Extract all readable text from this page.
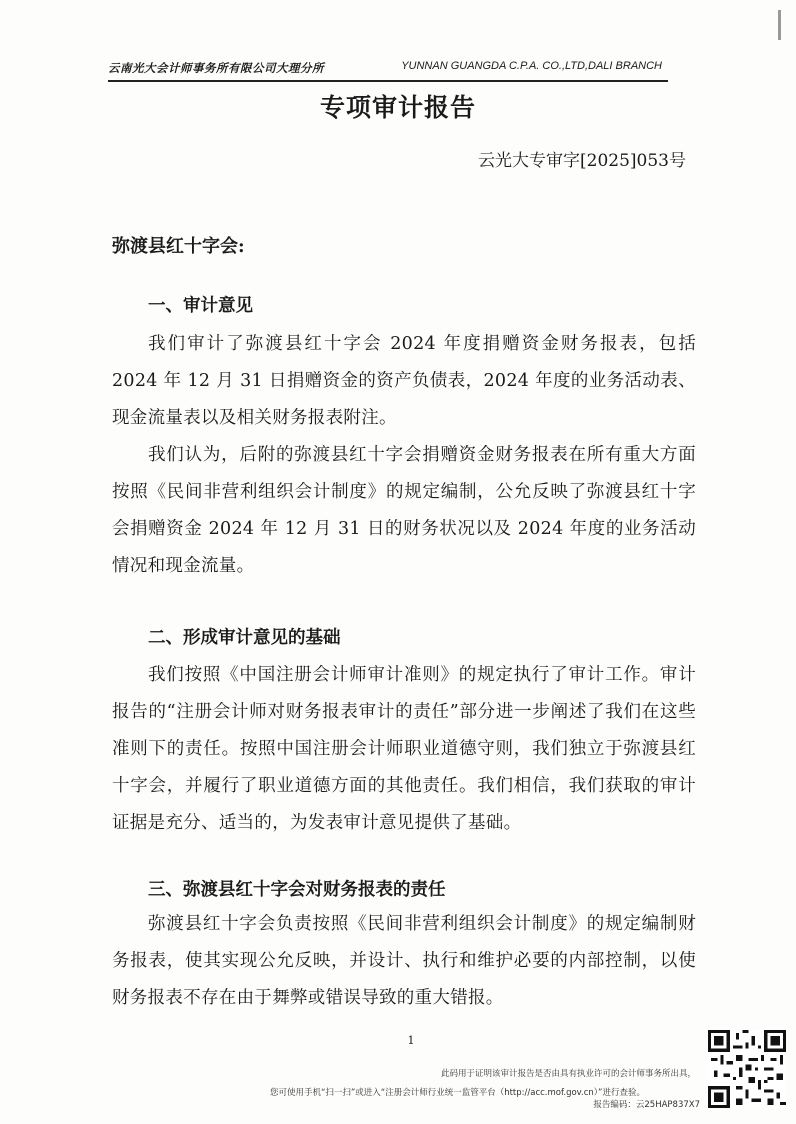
云南光大会计师事务所有限公司大理分所	YUNNAN GUANGDA C.P.A. CO.,LTD,DALI BRANCH
专项审计报告
云光大专审字[2025]053号
弥渡县红十字会:
一、审计意见
我们审计了弥渡县红十字会 2024 年度捐赠资金财务报表，包括 2024 年 12 月 31 日捐赠资金的资产负债表，2024 年度的业务活动表、现金流量表以及相关财务报表附注。
我们认为，后附的弥渡县红十字会捐赠资金财务报表在所有重大方面按照《民间非营利组织会计制度》的规定编制，公允反映了弥渡县红十字会捐赠资金 2024 年 12 月 31 日的财务状况以及 2024 年度的业务活动情况和现金流量。
二、形成审计意见的基础
我们按照《中国注册会计师审计准则》的规定执行了审计工作。审计报告的“注册会计师对财务报表审计的责任”部分进一步阐述了我们在这些准则下的责任。按照中国注册会计师职业道德守则，我们独立于弥渡县红十字会，并履行了职业道德方面的其他责任。我们相信，我们获取的审计证据是充分、适当的，为发表审计意见提供了基础。
三、弥渡县红十字会对财务报表的责任
弥渡县红十字会负责按照《民间非营利组织会计制度》的规定编制财务报表，使其实现公允反映，并设计、执行和维护必要的内部控制，以使财务报表不存在由于舞弊或错误导致的重大错报。
1
此码用于证明该审计报告是否由具有执业许可的会计师事务所出具，
您可使用手机“扫一扫”或进入“注册会计师行业统一监管平台（http://acc.mof.gov.cn）”进行查验。
报告编码：云25HAP837X7
